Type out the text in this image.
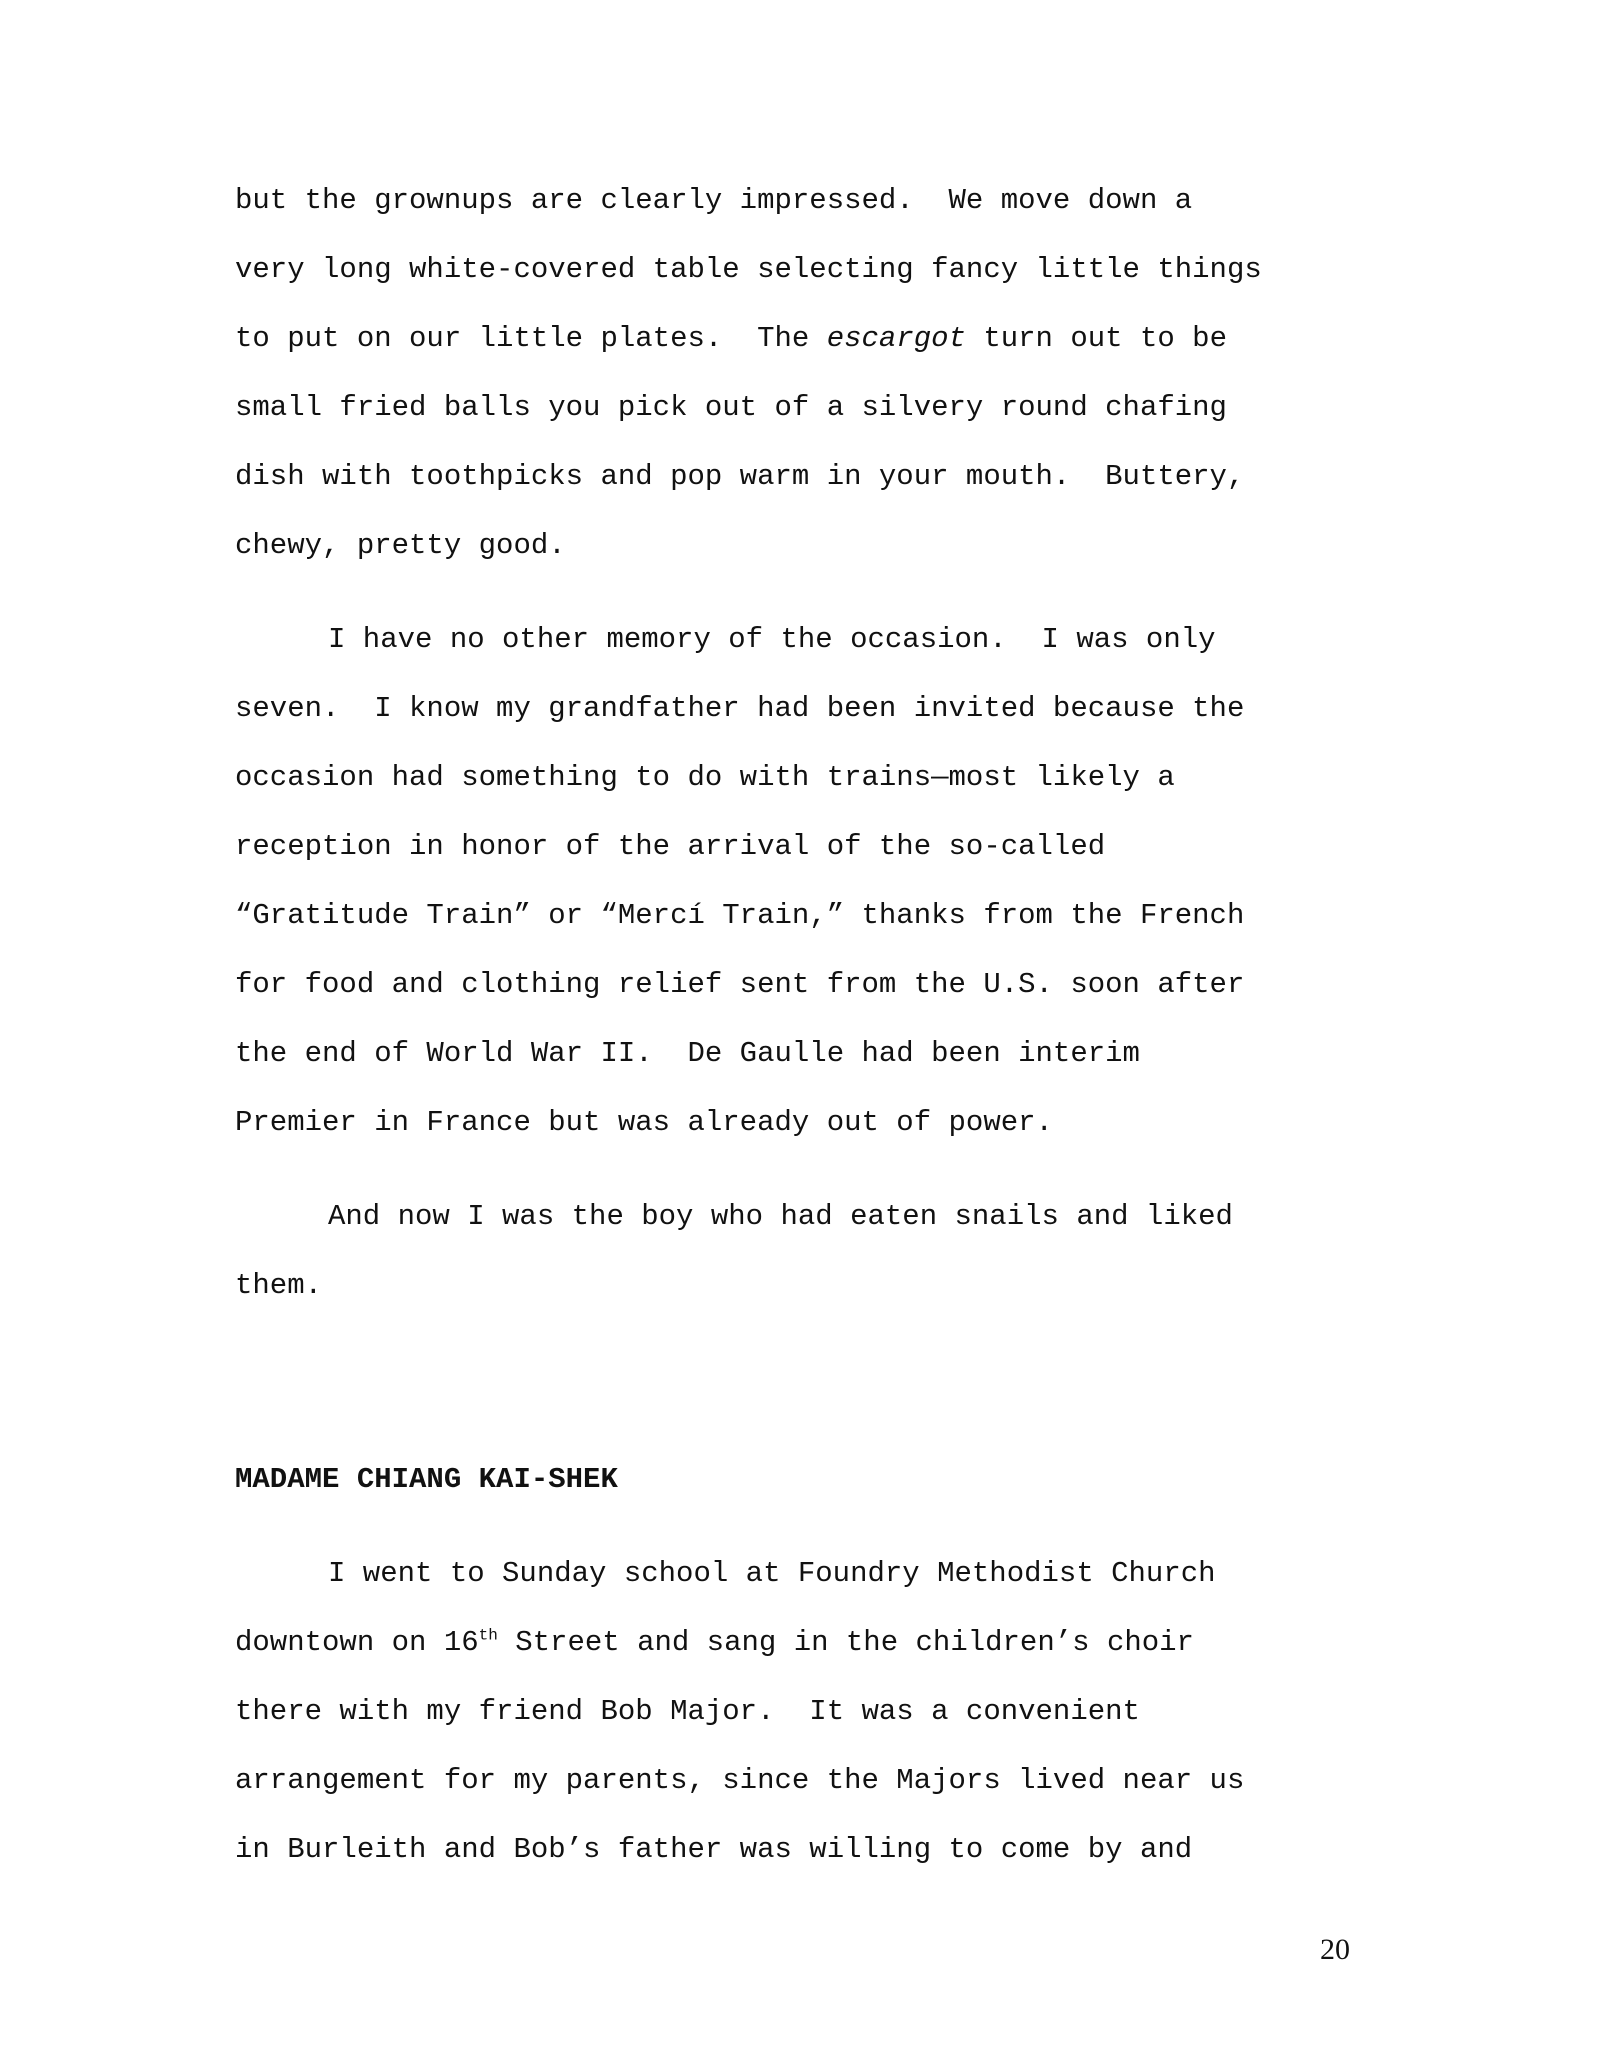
but the grownups are clearly impressed.  We move down a

very long white-covered table selecting fancy little things

to put on our little plates.  The escargot turn out to be

small fried balls you pick out of a silvery round chafing

dish with toothpicks and pop warm in your mouth.  Buttery,

chewy, pretty good.

I have no other memory of the occasion.  I was only

seven.  I know my grandfather had been invited because the

occasion had something to do with trains—most likely a

reception in honor of the arrival of the so-called

“Gratitude Train” or “Mercí Train,” thanks from the French

for food and clothing relief sent from the U.S. soon after

the end of World War II.  De Gaulle had been interim

Premier in France but was already out of power.

And now I was the boy who had eaten snails and liked

them.

MADAME CHIANG KAI-SHEK

I went to Sunday school at Foundry Methodist Church

downtown on 16th Street and sang in the children’s choir

there with my friend Bob Major.  It was a convenient

arrangement for my parents, since the Majors lived near us

in Burleith and Bob’s father was willing to come by and

20
